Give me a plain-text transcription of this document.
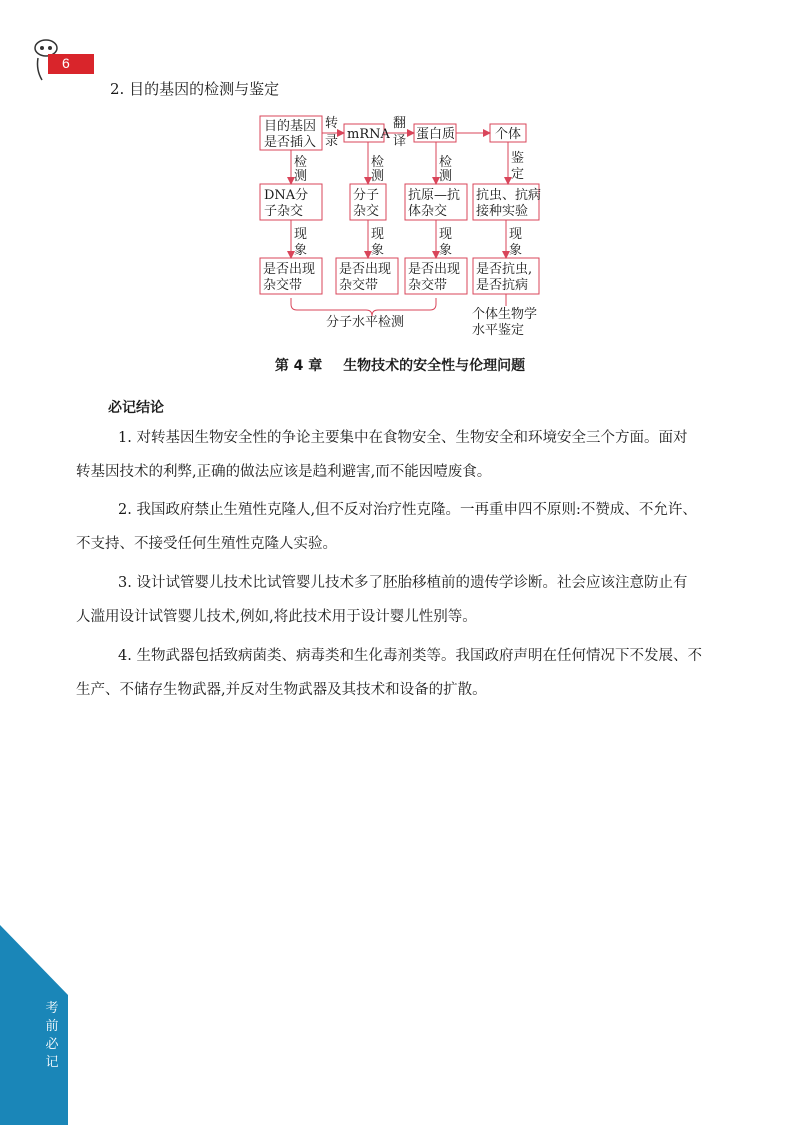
6
2. 目的基因的检测与鉴定
目的基因
是否插入
mRNA 蛋白质	个体
转
录
翻
译
检
测
检
测
检
测
鉴
定
DNA分
子杂交
分子
杂交
抗原—抗
体杂交
抗虫、抗病
接种实验
现
象
现
象
现
象
现
象
是否出现
杂交带
是否出现
杂交带
是否出现
杂交带
是否抗虫,
是否抗病
分子水平检测
个体生物学
水平鉴定
第 4 章 生物技术的安全性与伦理问题
必记结论
1. 对转基因生物安全性的争论主要集中在食物安全、生物安全和环境安全三个方面。面对
转基因技术的利弊,正确的做法应该是趋利避害,而不能因噎废食。
2. 我国政府禁止生殖性克隆人,但不反对治疗性克隆。一再重申四不原则:不赞成、不允许、
不支持、不接受任何生殖性克隆人实验。
3. 设计试管婴儿技术比试管婴儿技术多了胚胎移植前的遗传学诊断。社会应该注意防止有
人滥用设计试管婴儿技术,例如,将此技术用于设计婴儿性别等。
4. 生物武器包括致病菌类、病毒类和生化毒剂类等。我国政府声明在任何情况下不发展、不
生产、不储存生物武器,并反对生物武器及其技术和设备的扩散。
考
前
必
记
